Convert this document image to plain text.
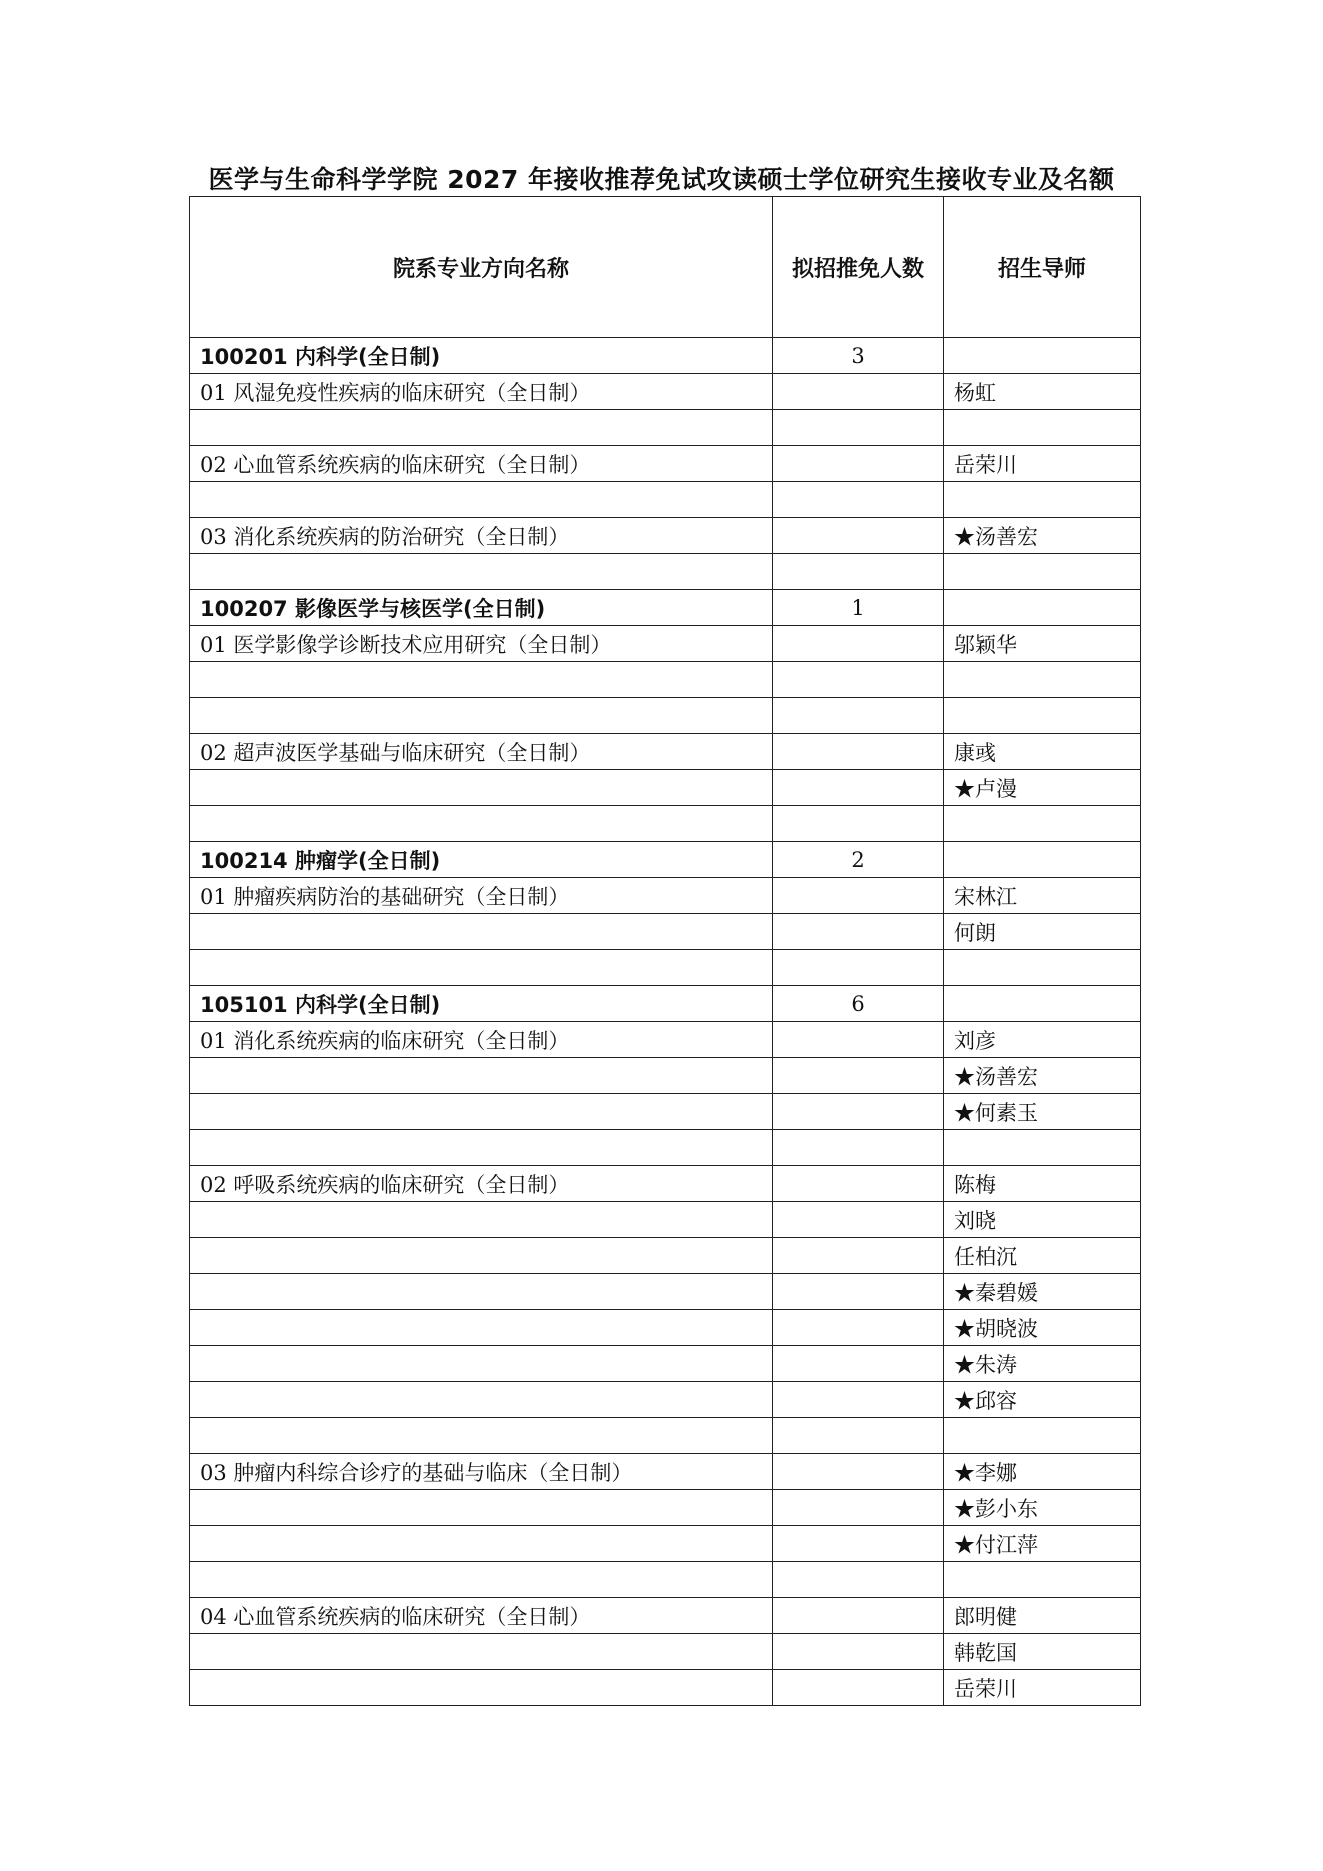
医学与生命科学学院 2027 年接收推荐免试攻读硕士学位研究生接收专业及名额
院系专业方向名称	拟招推免人数	招生导师
100201 内科学(全日制)	3	
01 风湿免疫性疾病的临床研究（全日制）		杨虹

02 心血管系统疾病的临床研究（全日制）		岳荣川

03 消化系统疾病的防治研究（全日制）		★汤善宏

100207 影像医学与核医学(全日制)	1	
01 医学影像学诊断技术应用研究（全日制）		邬颖华

02 超声波医学基础与临床研究（全日制）		康彧
		★卢漫

100214 肿瘤学(全日制)	2	
01 肿瘤疾病防治的基础研究（全日制）		宋林江
		何朗

105101 内科学(全日制)	6	
01 消化系统疾病的临床研究（全日制）		刘彦
		★汤善宏
		★何素玉

02 呼吸系统疾病的临床研究（全日制）		陈梅
		刘晓
		任柏沉
		★秦碧媛
		★胡晓波
		★朱涛
		★邱容

03 肿瘤内科综合诊疗的基础与临床（全日制）		★李娜
		★彭小东
		★付江萍

04 心血管系统疾病的临床研究（全日制）		郎明健
		韩乾国
		岳荣川
